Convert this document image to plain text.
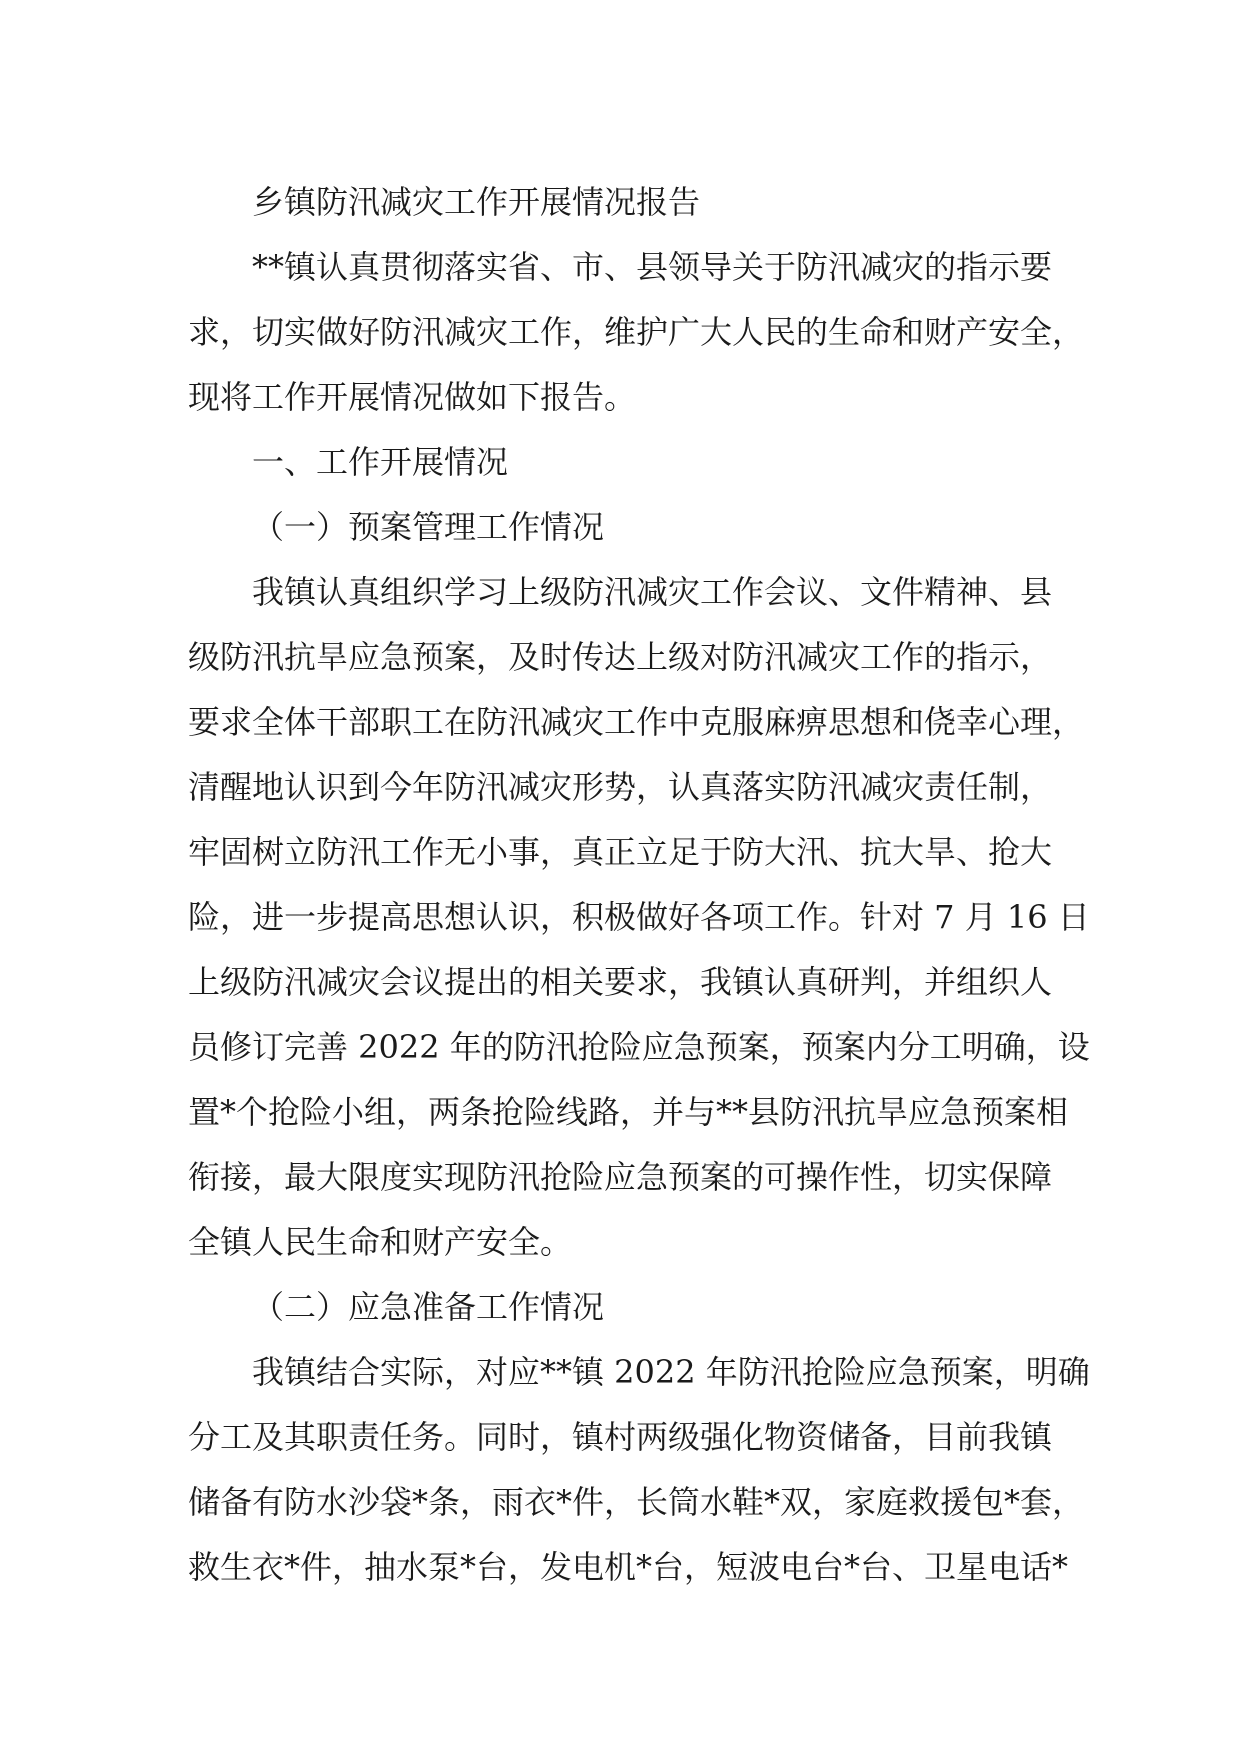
乡镇防汛减灾工作开展情况报告
**镇认真贯彻落实省、市、县领导关于防汛减灾的指示要
求，切实做好防汛减灾工作，维护广大人民的生命和财产安全，
现将工作开展情况做如下报告。
一、工作开展情况
（一）预案管理工作情况
我镇认真组织学习上级防汛减灾工作会议、文件精神、县
级防汛抗旱应急预案，及时传达上级对防汛减灾工作的指示，
要求全体干部职工在防汛减灾工作中克服麻痹思想和侥幸心理，
清醒地认识到今年防汛减灾形势，认真落实防汛减灾责任制，
牢固树立防汛工作无小事，真正立足于防大汛、抗大旱、抢大
险，进一步提高思想认识，积极做好各项工作。针对 7 月 16 日
上级防汛减灾会议提出的相关要求，我镇认真研判，并组织人
员修订完善 2022 年的防汛抢险应急预案，预案内分工明确，设
置*个抢险小组，两条抢险线路，并与**县防汛抗旱应急预案相
衔接，最大限度实现防汛抢险应急预案的可操作性，切实保障
全镇人民生命和财产安全。
（二）应急准备工作情况
我镇结合实际，对应**镇 2022 年防汛抢险应急预案，明确
分工及其职责任务。同时，镇村两级强化物资储备，目前我镇
储备有防水沙袋*条，雨衣*件，长筒水鞋*双，家庭救援包*套，
救生衣*件，抽水泵*台，发电机*台，短波电台*台、卫星电话*
